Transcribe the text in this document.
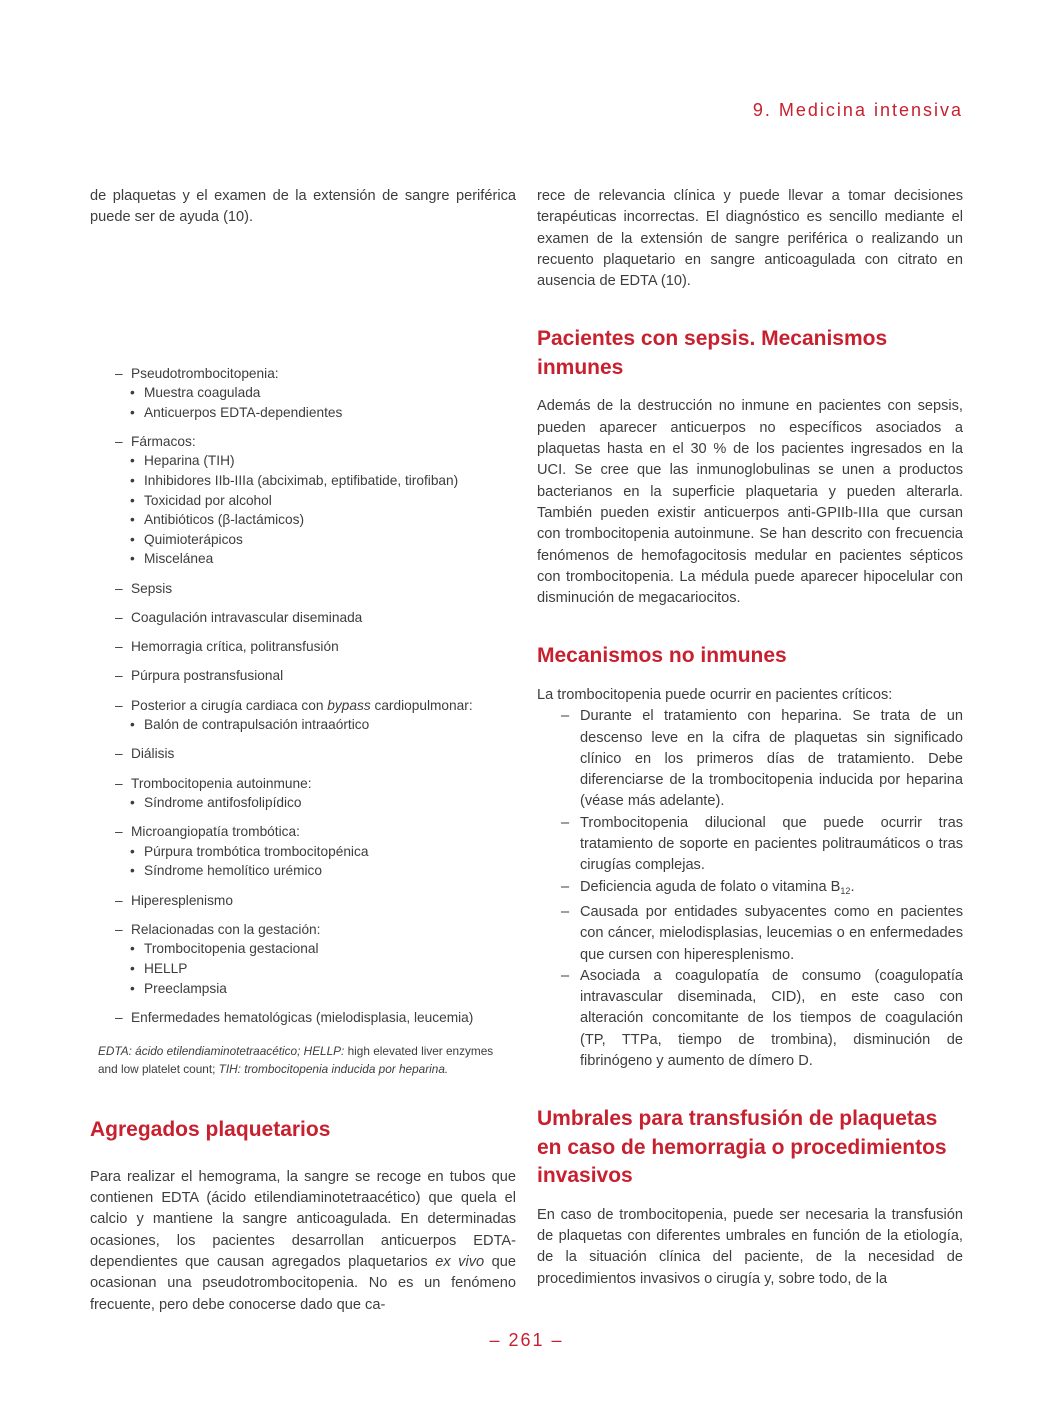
9. Medicina intensiva

de plaquetas y el examen de la extensión de sangre periférica puede ser de ayuda (10).

– Pseudotrombocitopenia:
• Muestra coagulada
• Anticuerpos EDTA-dependientes
– Fármacos:
• Heparina (TIH)
• Inhibidores IIb-IIIa (abciximab, eptifibatide, tirofiban)
• Toxicidad por alcohol
• Antibióticos (β-lactámicos)
• Quimioterápicos
• Miscelánea
– Sepsis
– Coagulación intravascular diseminada
– Hemorragia crítica, politransfusión
– Púrpura postransfusional
– Posterior a cirugía cardiaca con bypass cardiopulmonar:
• Balón de contrapulsación intraaórtico
– Diálisis
– Trombocitopenia autoinmune:
• Síndrome antifosfolipídico
– Microangiopatía trombótica:
• Púrpura trombótica trombocitopénica
• Síndrome hemolítico urémico
– Hiperesplenismo
– Relacionadas con la gestación:
• Trombocitopenia gestacional
• HELLP
• Preeclampsia
– Enfermedades hematológicas (mielodisplasia, leucemia)
EDTA: ácido etilendiaminotetraacético; HELLP: high elevated liver enzymes and low platelet count; TIH: trombocitopenia inducida por heparina.
Agregados plaquetarios

Para realizar el hemograma, la sangre se recoge en tubos que contienen EDTA (ácido etilendiaminotetraacético) que quela el calcio y mantiene la sangre anticoagulada. En determinadas ocasiones, los pacientes desarrollan anticuerpos EDTA-dependientes que causan agregados plaquetarios ex vivo que ocasionan una pseudotrombocitopenia. No es un fenómeno frecuente, pero debe conocerse dado que ca-

rece de relevancia clínica y puede llevar a tomar decisiones terapéuticas incorrectas. El diagnóstico es sencillo mediante el examen de la extensión de sangre periférica o realizando un recuento plaquetario en sangre anticoagulada con citrato en ausencia de EDTA (10).

Pacientes con sepsis. Mecanismos inmunes

Además de la destrucción no inmune en pacientes con sepsis, pueden aparecer anticuerpos no específicos asociados a plaquetas hasta en el 30 % de los pacientes ingresados en la UCI. Se cree que las inmunoglobulinas se unen a productos bacterianos en la superficie plaquetaria y pueden alterarla. También pueden existir anticuerpos anti-GPIIb-IIIa que cursan con trombocitopenia autoinmune. Se han descrito con frecuencia fenómenos de hemofagocitosis medular en pacientes sépticos con trombocitopenia. La médula puede aparecer hipocelular con disminución de megacariocitos.

Mecanismos no inmunes

La trombocitopenia puede ocurrir en pacientes críticos:

– Durante el tratamiento con heparina. Se trata de un descenso leve en la cifra de plaquetas sin significado clínico en los primeros días de tratamiento. Debe diferenciarse de la trombocitopenia inducida por heparina (véase más adelante).
– Trombocitopenia dilucional que puede ocurrir tras tratamiento de soporte en pacientes politraumáticos o tras cirugías complejas.
– Deficiencia aguda de folato o vitamina $B_{12}$.
– Causada por entidades subyacentes como en pacientes con cáncer, mielodisplasias, leucemias o en enfermedades que cursen con hiperesplenismo.
– Asociada a coagulopatía de consumo (coagulopatía intravascular diseminada, CID), en este caso con alteración concomitante de los tiempos de coagulación (TP, TTPa, tiempo de trombina), disminución de fibrinógeno y aumento de dímero D.
Umbrales para transfusión de plaquetas en caso de hemorragia o procedimientos invasivos

En caso de trombocitopenia, puede ser necesaria la transfusión de plaquetas con diferentes umbrales en función de la etiología, de la situación clínica del paciente, de la necesidad de procedimientos invasivos o cirugía y, sobre todo, de la

– 261 –
